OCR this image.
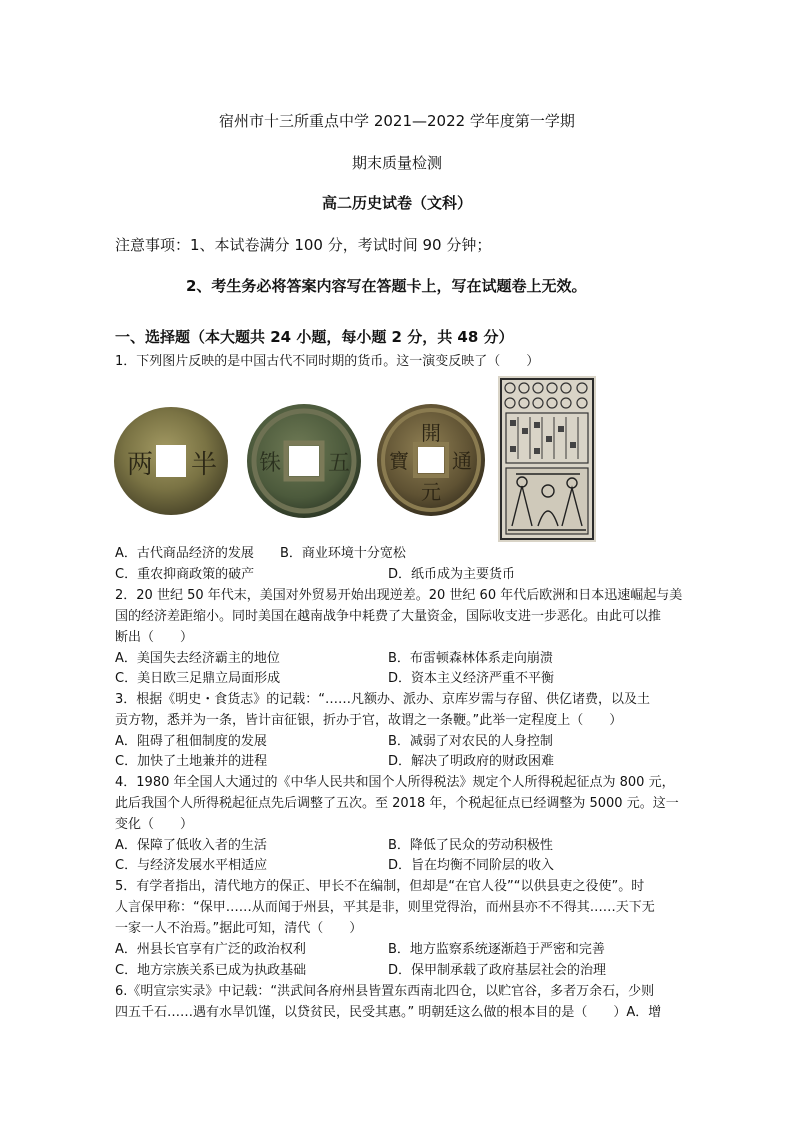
宿州市十三所重点中学 2021—2022 学年度第一学期
期末质量检测
高二历史试卷（文科）
注意事项：1、本试卷满分 100 分，考试时间 90 分钟；
2、考生务必将答案内容写在答题卡上，写在试题卷上无效。
一、选择题（本大题共 24 小题，每小题 2 分，共 48 分）
1．下列图片反映的是中国古代不同时期的货币。这一演变反映了（　　）
两 半 铢 五
開
元
通
寶
A．古代商品经济的发展 B．商业环境十分宽松
C．重农抑商政策的破产	D．纸币成为主要货币
2．20 世纪 50 年代末，美国对外贸易开始出现逆差。20 世纪 60 年代后欧洲和日本迅速崛起与美
国的经济差距缩小。同时美国在越南战争中耗费了大量资金，国际收支进一步恶化。由此可以推
断出（　　）
A．美国失去经济霸主的地位	B．布雷顿森林体系走向崩溃
C．美日欧三足鼎立局面形成	D．资本主义经济严重不平衡
3．根据《明史・食货志》的记载：“……凡额办、派办、京库岁需与存留、供亿诸费，以及土
贡方物，悉并为一条，皆计亩征银，折办于官，故谓之一条鞭。”此举一定程度上（　　）
A．阻碍了租佃制度的发展	B．减弱了对农民的人身控制
C．加快了土地兼并的进程	D．解决了明政府的财政困难
4．1980 年全国人大通过的《中华人民共和国个人所得税法》规定个人所得税起征点为 800 元，
此后我国个人所得税起征点先后调整了五次。至 2018 年，个税起征点已经调整为 5000 元。这一
变化（　　）
A．保障了低收入者的生活	B．降低了民众的劳动积极性
C．与经济发展水平相适应	D．旨在均衡不同阶层的收入
5．有学者指出，清代地方的保正、甲长不在编制，但却是“在官人役”“以供县吏之役使”。时
人言保甲称：“保甲……从而闻于州县，平其是非，则里党得治，而州县亦不不得其……天下无
一家一人不治焉。”据此可知，清代（　　）
A．州县长官享有广泛的政治权利	B．地方监察系统逐渐趋于严密和完善
C．地方宗族关系已成为执政基础	D．保甲制承载了政府基层社会的治理
6.《明宣宗实录》中记载：“洪武间各府州县皆置东西南北四仓，以贮官谷，多者万余石，少则
四五千石……遇有水旱饥馑，以贷贫民，民受其惠。” 明朝廷这么做的根本目的是（　　）A．增
